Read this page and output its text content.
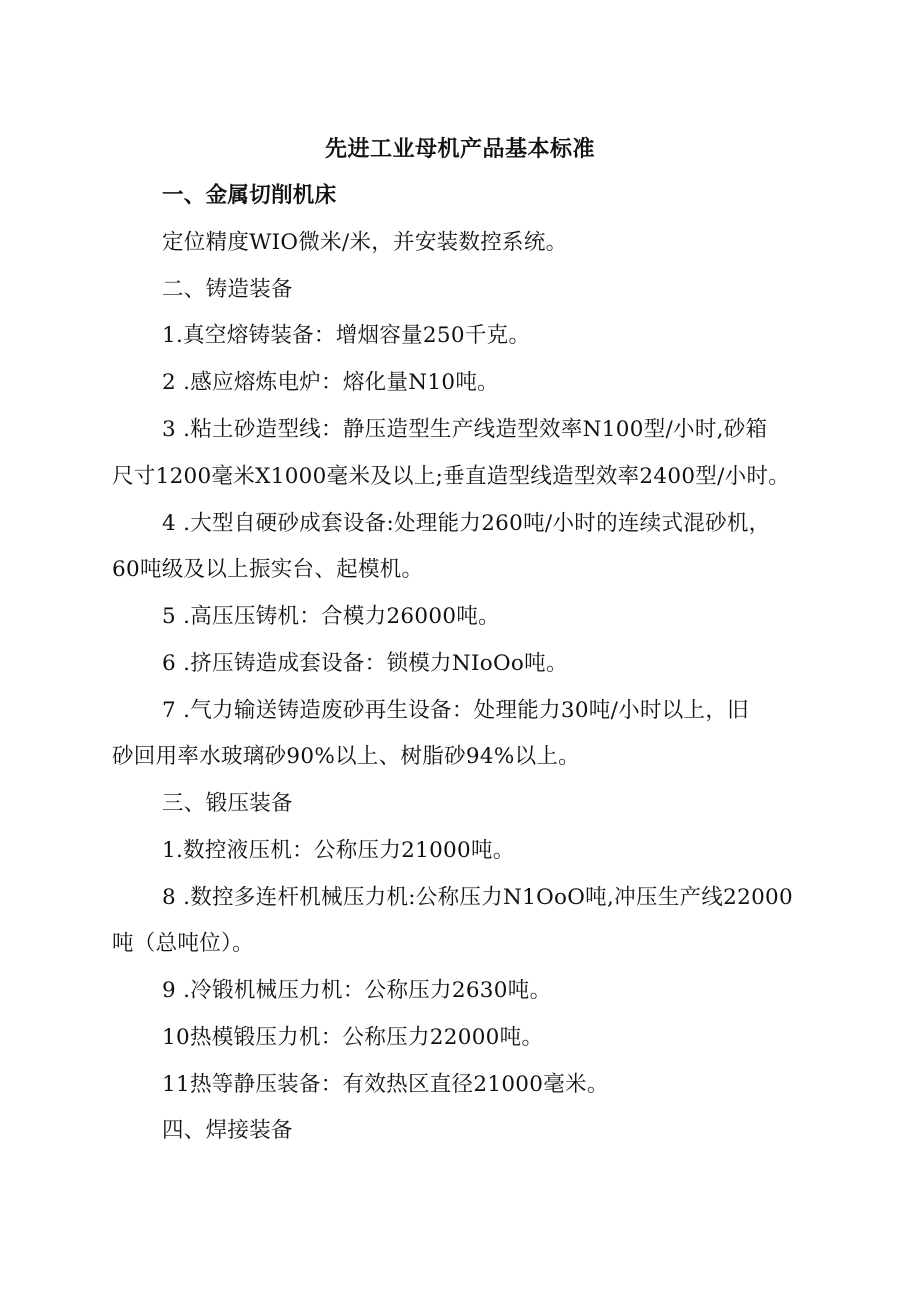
先进工业母机产品基本标准
一、金属切削机床
定位精度WIO微米/米，并安装数控系统。
二、铸造装备
1.真空熔铸装备：增烟容量250千克。
2 .感应熔炼电炉：熔化量N10吨。
3 .粘土砂造型线：静压造型生产线造型效率N100型/小时,砂箱
尺寸1200毫米X1000毫米及以上;垂直造型线造型效率2400型/小时。
4 .大型自硬砂成套设备:处理能力260吨/小时的连续式混砂机，
60吨级及以上振实台、起模机。
5 .高压压铸机：合模力26000吨。
6 .挤压铸造成套设备：锁模力NIoOo吨。
7 .气力输送铸造废砂再生设备：处理能力30吨/小时以上，旧
砂回用率水玻璃砂90%以上、树脂砂94%以上。
三、锻压装备
1.数控液压机：公称压力21000吨。
8 .数控多连杆机械压力机:公称压力N1OoO吨,冲压生产线22000
吨（总吨位）。
9 .冷锻机械压力机：公称压力2630吨。
10热模锻压力机：公称压力22000吨。
11热等静压装备：有效热区直径21000毫米。
四、焊接装备
